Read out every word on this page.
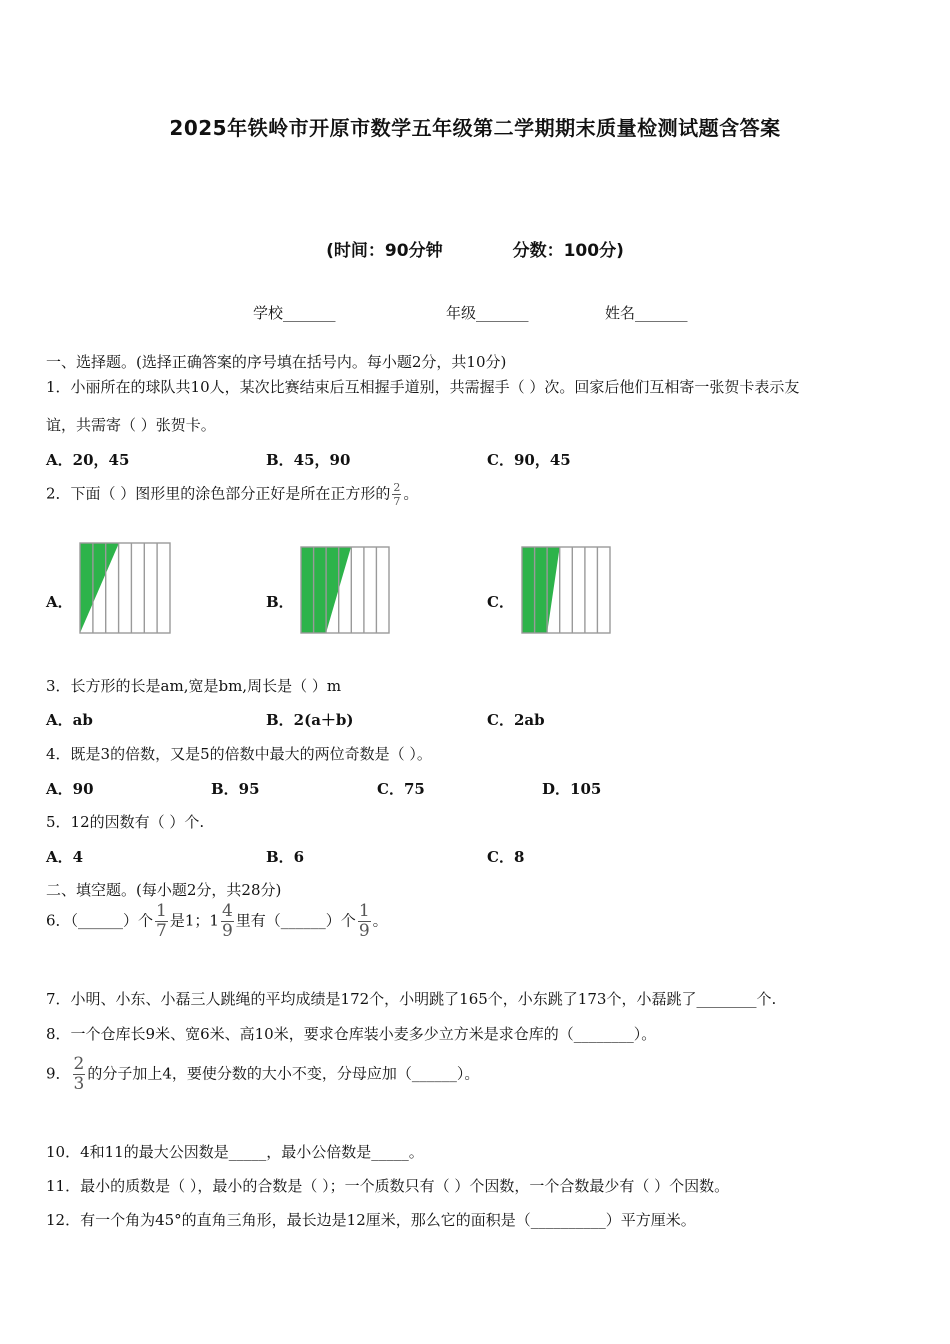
2025年铁岭市开原市数学五年级第二学期期末质量检测试题含答案
(时间：90分钟	分数：100分)
学校_______	年级_______	姓名_______
一、选择题。(选择正确答案的序号填在括号内。每小题2分，共10分)
1．小丽所在的球队共10人，某次比赛结束后互相握手道别，共需握手（ ）次。回家后他们互相寄一张贺卡表示友
谊，共需寄（ ）张贺卡。
A．20，45	B．45，90	C．90，45
2．下面（ ）图形里的涂色部分正好是所在正方形的 $\frac{2}{7}$ 。
A．	B．	C．
3．长方形的长是am,宽是bm,周长是（ ）m
A．ab	B．2(a＋b)	C．2ab
4．既是3的倍数，又是5的倍数中最大的两位奇数是（ ）。
A．90	B．95	C．75	D．105
5．12的因数有（ ）个.
A．4	B．6	C．8
二、填空题。(每小题2分，共28分)
6．（______）个 $\frac{1}{7}$ 是1；$1 \frac{4}{9}$ 里有（______）个 $\frac{1}{9}$ 。
7．小明、小东、小磊三人跳绳的平均成绩是172个，小明跳了165个，小东跳了173个，小磊跳了________个.
8．一个仓库长9米、宽6米、高10米，要求仓库装小麦多少立方米是求仓库的（________）。
9． $\frac{2}{3}$ 的分子加上4，要使分数的大小不变，分母应加（______）。
10．4和11的最大公因数是_____，最小公倍数是_____。
11．最小的质数是（ ），最小的合数是（ ）；一个质数只有（ ）个因数，一个合数最少有（ ）个因数。
12．有一个角为45°的直角三角形，最长边是12厘米，那么它的面积是（__________）平方厘米。
